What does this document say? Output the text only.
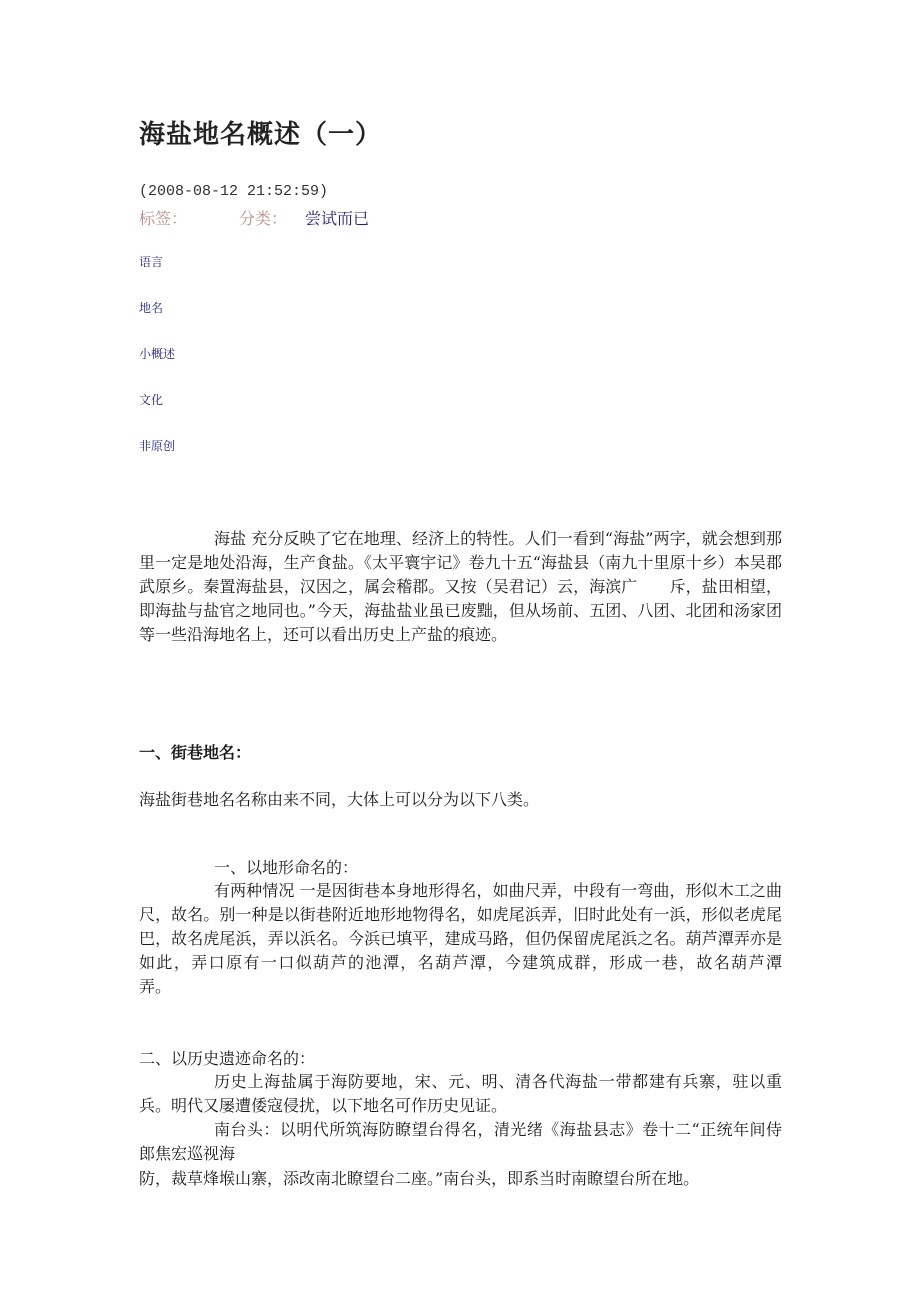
海盐地名概述（一）
(2008-08-12 21:52:59)
标签：	分类： 尝试而已
语言
地名
小概述
文化
非原创

海盐 充分反映了它在地理、经济上的特性。人们一看到“海盐”两字，就会想到那里一定是地处沿海，生产食盐。《太平寰宇记》卷九十五“海盐县（南九十里原十乡）本吴郡武原乡。秦置海盐县，汉因之，属会稽郡。又按（吴君记）云，海滨广　　斥，盐田相望，即海盐与盐官之地同也。”今天，海盐盐业虽已废黜，但从场前、五团、八团、北团和汤家团等一些沿海地名上，还可以看出历史上产盐的痕迹。

一、街巷地名：

海盐街巷地名名称由来不同，大体上可以分为以下八类。

一、以地形命名的：

有两种情况 一是因街巷本身地形得名，如曲尺弄，中段有一弯曲，形似木工之曲　　尺，故名。别一种是以街巷附近地形地物得名，如虎尾浜弄，旧时此处有一浜，形似老虎尾巴，故名虎尾浜，弄以浜名。今浜已填平，建成马路，但仍保留虎尾浜之名。葫芦潭弄亦是如此，弄口原有一口似葫芦的池潭，名葫芦潭，今建筑成群，形成一巷，故名葫芦潭　　弄。

二、以历史遗迹命名的：

历史上海盐属于海防要地，宋、元、明、清各代海盐一带都建有兵寨，驻以重　　兵。明代又屡遭倭寇侵扰，以下地名可作历史见证。

南台头：以明代所筑海防瞭望台得名，清光绪《海盐县志》卷十二“正统年间侍郎焦宏巡视海

防，裁草烽堠山寨，添改南北瞭望台二座。”南台头，即系当时南瞭望台所在地。
